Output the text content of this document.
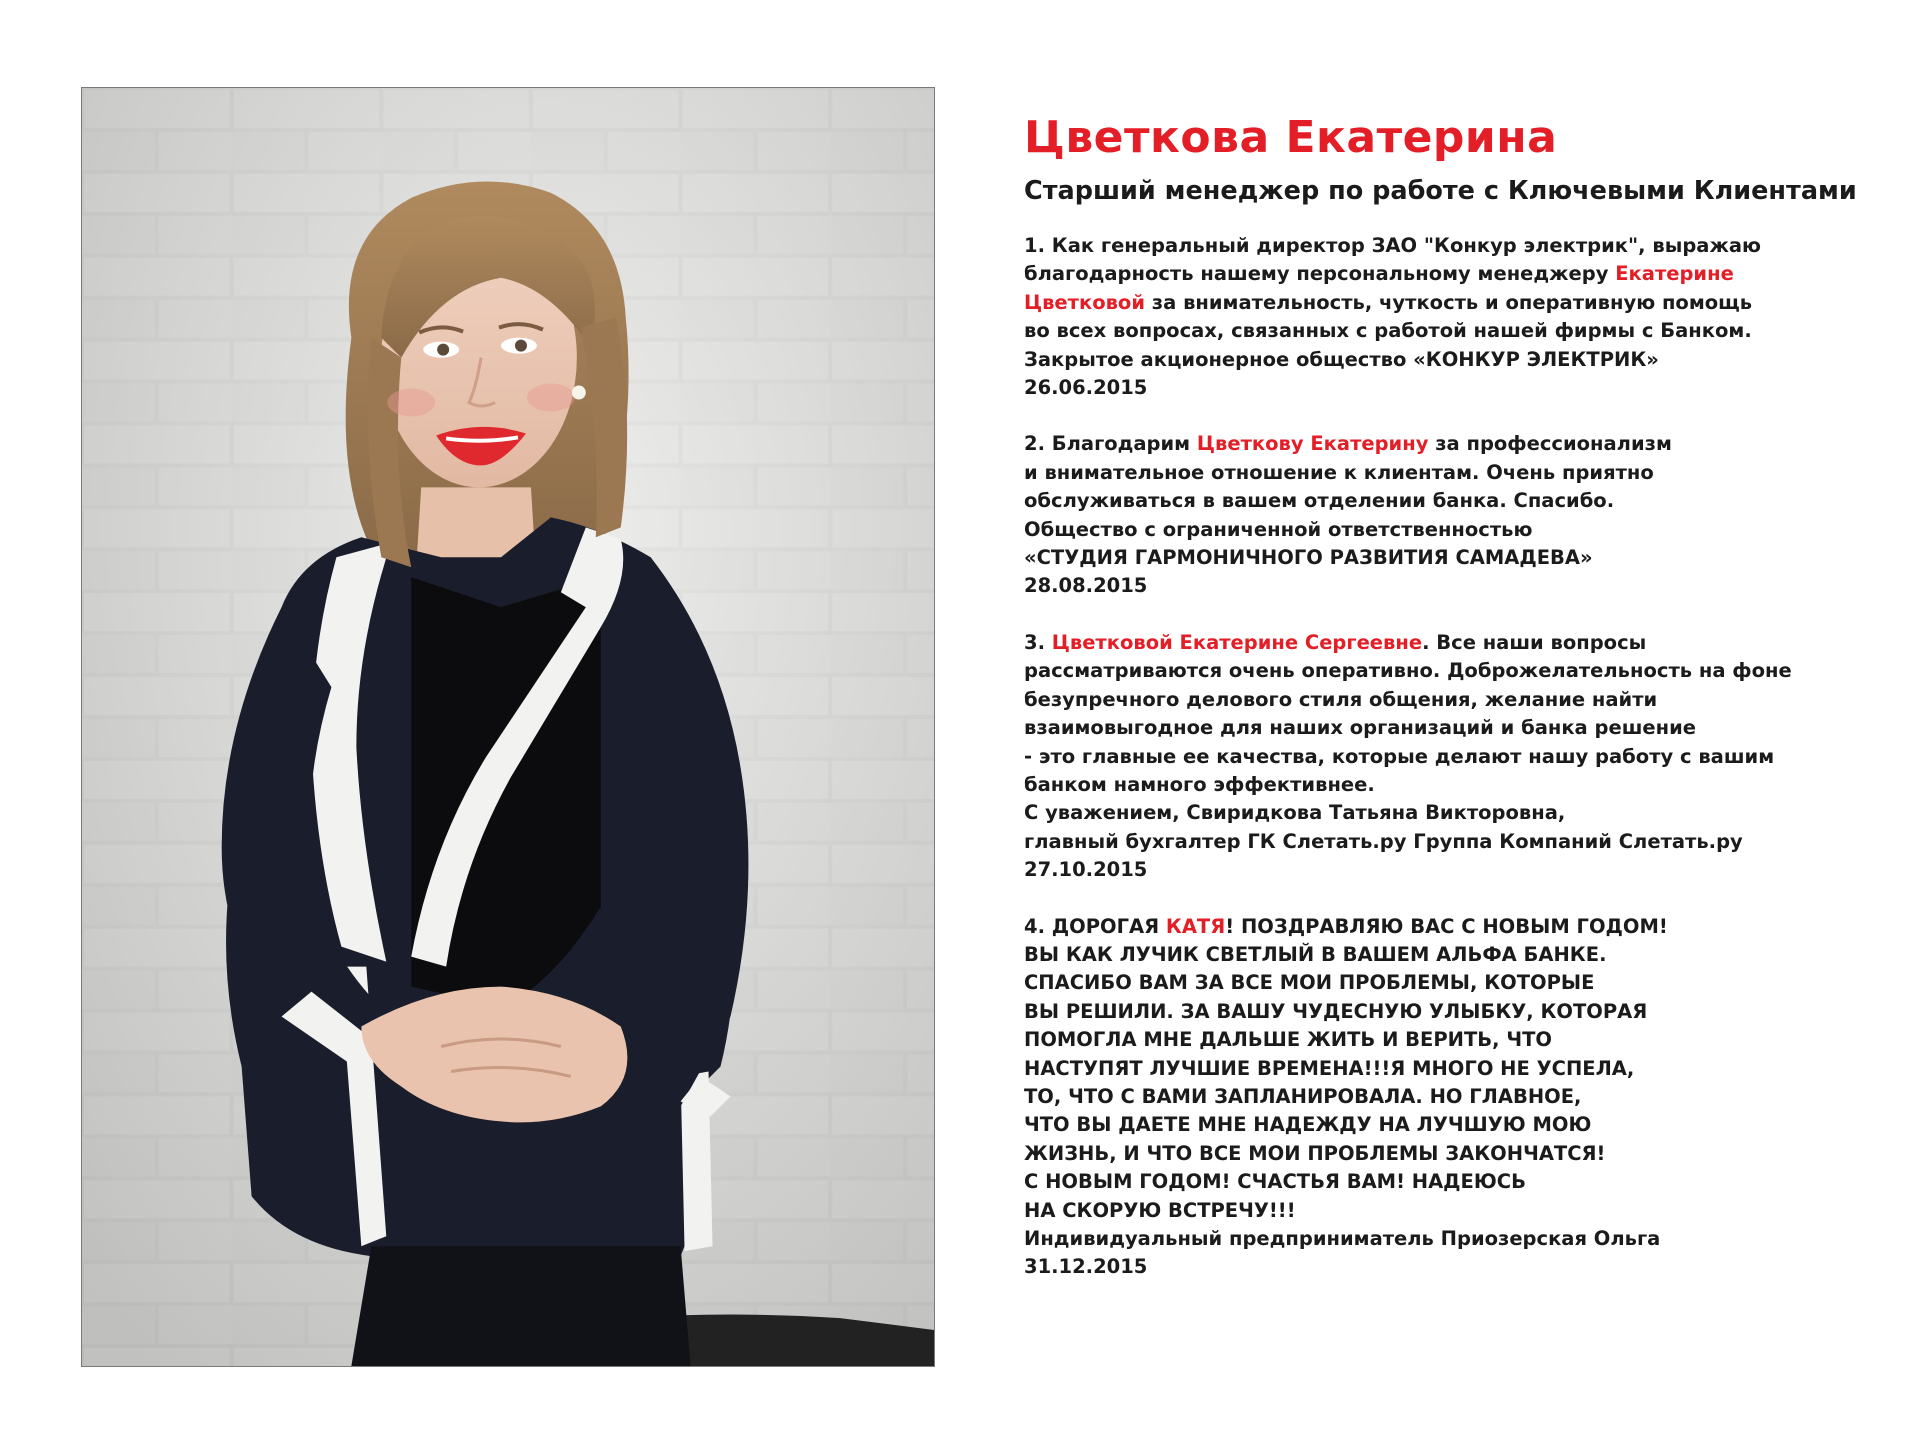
Цветкова Екатерина
Старший менеджер по работе с Ключевыми Клиентами
1. Как генеральный директор ЗАО "Конкур электрик", выражаю
благодарность нашему персональному менеджеру Екатерине
Цветковой за внимательность, чуткость и оперативную помощь
во всех вопросах, связанных с работой нашей фирмы с Банком.
Закрытое акционерное общество «КОНКУР ЭЛЕКТРИК»
26.06.2015
2. Благодарим Цветкову Екатерину за профессионализм
и внимательное отношение к клиентам. Очень приятно
обслуживаться в вашем отделении банка. Спасибо.
Общество с ограниченной ответственностью
«СТУДИЯ ГАРМОНИЧНОГО РАЗВИТИЯ САМАДЕВА»
28.08.2015
3. Цветковой Екатерине Сергеевне. Все наши вопросы
рассматриваются очень оперативно. Доброжелательность на фоне
безупречного делового стиля общения, желание найти
взаимовыгодное для наших организаций и банка решение
- это главные ее качества, которые делают нашу работу с вашим
банком намного эффективнее.
С уважением, Свиридкова Татьяна Викторовна,
главный бухгалтер ГК Слетать.ру Группа Компаний Слетать.ру
27.10.2015
4. ДОРОГАЯ КАТЯ! ПОЗДРАВЛЯЮ ВАС С НОВЫМ ГОДОМ!
ВЫ КАК ЛУЧИК СВЕТЛЫЙ В ВАШЕМ АЛЬФА БАНКЕ.
СПАСИБО ВАМ ЗА ВСЕ МОИ ПРОБЛЕМЫ, КОТОРЫЕ
ВЫ РЕШИЛИ. ЗА ВАШУ ЧУДЕСНУЮ УЛЫБКУ, КОТОРАЯ
ПОМОГЛА МНЕ ДАЛЬШЕ ЖИТЬ И ВЕРИТЬ, ЧТО
НАСТУПЯТ ЛУЧШИЕ ВРЕМЕНА!!!Я МНОГО НЕ УСПЕЛА,
ТО, ЧТО С ВАМИ ЗАПЛАНИРОВАЛА. НО ГЛАВНОЕ,
ЧТО ВЫ ДАЕТЕ МНЕ НАДЕЖДУ НА ЛУЧШУЮ МОЮ
ЖИЗНЬ, И ЧТО ВСЕ МОИ ПРОБЛЕМЫ ЗАКОНЧАТСЯ!
С НОВЫМ ГОДОМ! СЧАСТЬЯ ВАМ! НАДЕЮСЬ
НА СКОРУЮ ВСТРЕЧУ!!!
Индивидуальный предприниматель Приозерская Ольга
31.12.2015
